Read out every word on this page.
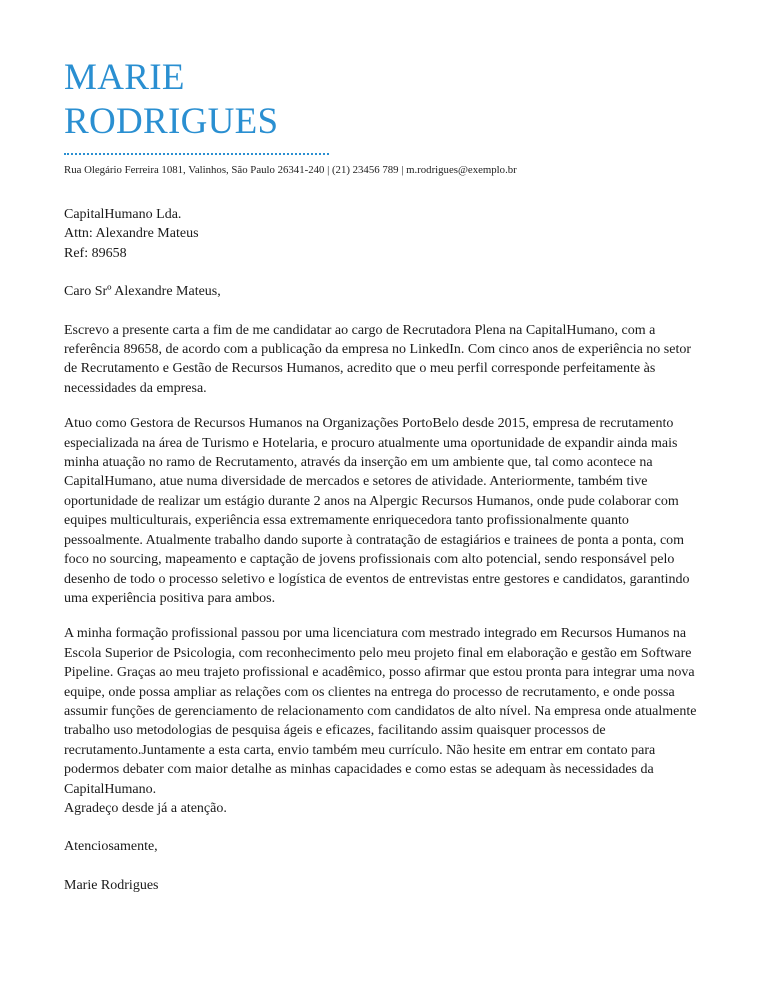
MARIE
RODRIGUES
Rua Olegário Ferreira 1081, Valinhos, São Paulo 26341-240 | (21) 23456 789 | m.rodrigues@exemplo.br

CapitalHumano Lda.
Attn: Alexandre Mateus
Ref: 89658

Caro Srº Alexandre Mateus,

Escrevo a presente carta a fim de me candidatar ao cargo de Recrutadora Plena na CapitalHumano, com a referência 89658, de acordo com a publicação da empresa no LinkedIn. Com cinco anos de experiência no setor de Recrutamento e Gestão de Recursos Humanos, acredito que o meu perfil corresponde perfeitamente às necessidades da empresa.

Atuo como Gestora de Recursos Humanos na Organizações PortoBelo desde 2015, empresa de recrutamento especializada na área de Turismo e Hotelaria, e procuro atualmente uma oportunidade de expandir ainda mais minha atuação no ramo de Recrutamento, através da inserção em um ambiente que, tal como acontece na CapitalHumano, atue numa diversidade de mercados e setores de atividade. Anteriormente, também tive oportunidade de realizar um estágio durante 2 anos na Alpergic Recursos Humanos, onde pude colaborar com equipes multiculturais, experiência essa extremamente enriquecedora tanto profissionalmente quanto pessoalmente. Atualmente trabalho dando suporte à contratação de estagiários e trainees de ponta a ponta, com foco no sourcing, mapeamento e captação de jovens profissionais com alto potencial, sendo responsável pelo desenho de todo o processo seletivo e logística de eventos de entrevistas entre gestores e candidatos, garantindo uma experiência positiva para ambos.

A minha formação profissional passou por uma licenciatura com mestrado integrado em Recursos Humanos na Escola Superior de Psicologia, com reconhecimento pelo meu projeto final em elaboração e gestão em Software Pipeline. Graças ao meu trajeto profissional e acadêmico, posso afirmar que estou pronta para integrar uma nova equipe, onde possa ampliar as relações com os clientes na entrega do processo de recrutamento, e onde possa assumir funções de gerenciamento de relacionamento com candidatos de alto nível. Na empresa onde atualmente trabalho uso metodologias de pesquisa ágeis e eficazes, facilitando assim quaisquer processos de recrutamento.Juntamente a esta carta, envio também meu currículo. Não hesite em entrar em contato para podermos debater com maior detalhe as minhas capacidades e como estas se adequam às necessidades da CapitalHumano.

Agradeço desde já a atenção.

Atenciosamente,

Marie Rodrigues
